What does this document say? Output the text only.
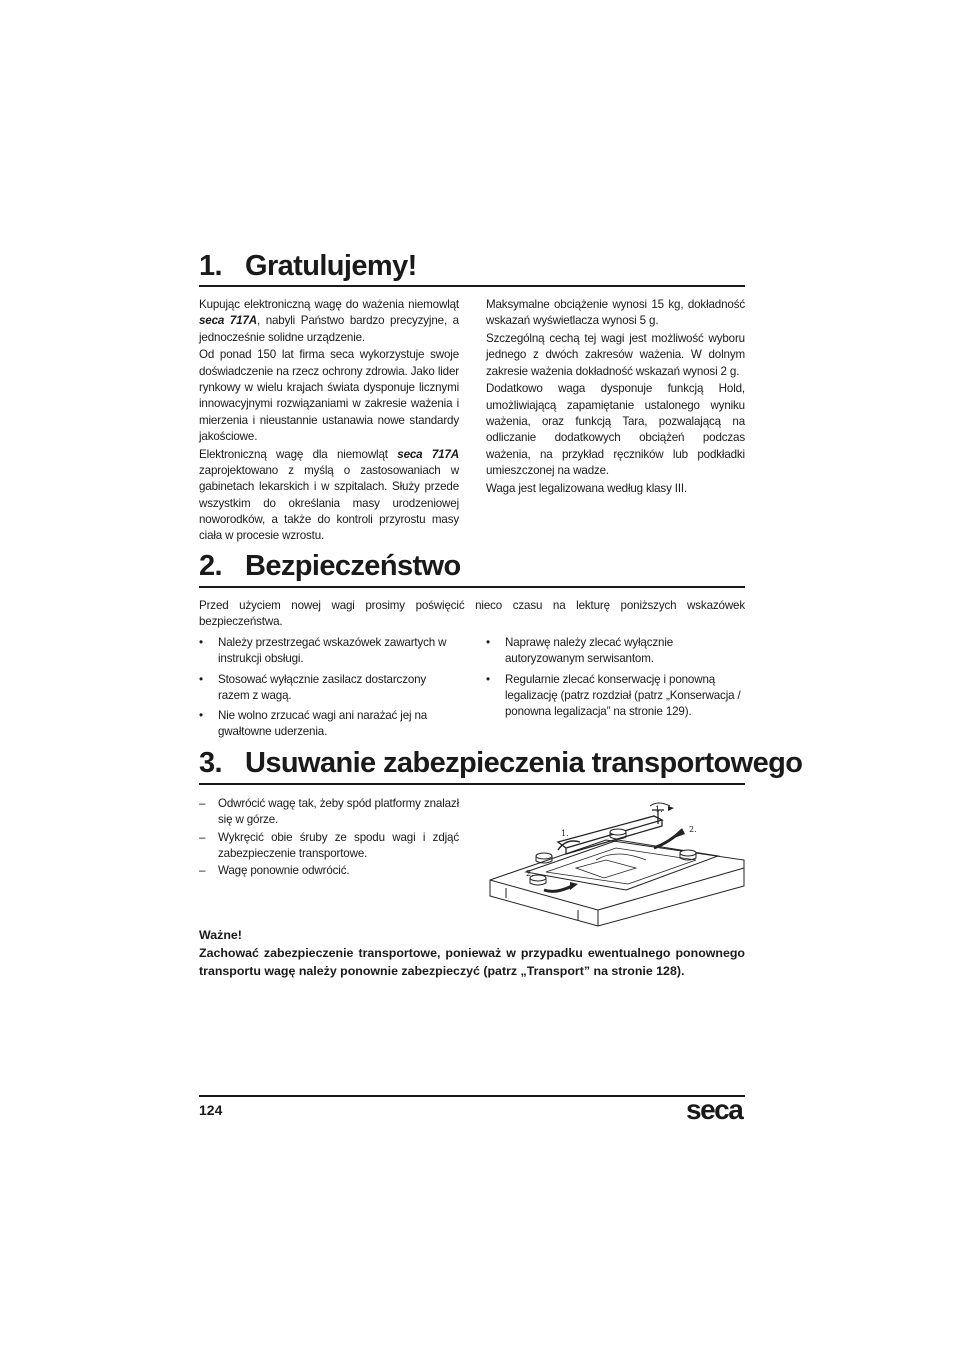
1. Gratulujemy!

Kupując elektroniczną wagę do ważenia niemowląt seca 717A, nabyli Państwo bardzo precyzyjne, a jednocześnie solidne urządzenie.

Od ponad 150 lat firma seca wykorzystuje swoje doświadczenie na rzecz ochrony zdrowia. Jako lider rynkowy w wielu krajach świata dysponuje licznymi innowacyjnymi rozwiązaniami w zakresie ważenia i mierzenia i nieustannie ustanawia nowe standardy jakościowe.

Elektroniczną wagę dla niemowląt seca 717A zaprojektowano z myślą o zastosowaniach w gabinetach lekarskich i w szpitalach. Służy przede wszystkim do określania masy urodzeniowej noworodków, a także do kontroli przyrostu masy ciała w procesie wzrostu.

Maksymalne obciążenie wynosi 15 kg, dokładność wskazań wyświetlacza wynosi 5 g.

Szczególną cechą tej wagi jest możliwość wyboru jednego z dwóch zakresów ważenia. W dolnym zakresie ważenia dokładność wskazań wynosi 2 g.

Dodatkowo waga dysponuje funkcją Hold, umożliwiającą zapamiętanie ustalonego wyniku ważenia, oraz funkcją Tara, pozwalającą na odliczanie dodatkowych obciążeń podczas ważenia, na przykład ręczników lub podkładki umieszczonej na wadze.

Waga jest legalizowana według klasy III.

2. Bezpieczeństwo

Przed użyciem nowej wagi prosimy poświęcić nieco czasu na lekturę poniższych wskazówek bezpieczeństwa.

• Należy przestrzegać wskazówek zawartych w instrukcji obsługi.
• Stosować wyłącznie zasilacz dostarczony razem z wagą.
• Nie wolno zrzucać wagi ani narażać jej na gwałtowne uderzenia.
• Naprawę należy zlecać wyłącznie autoryzowanym serwisantom.
• Regularnie zlecać konserwację i ponowną legalizację (patrz rozdział (patrz „Konserwacja / ponowna legalizacja” na stronie 129).
3. Usuwanie zabezpieczenia transportowego
– Odwrócić wagę tak, żeby spód platformy znalazł się w górze.
– Wykręcić obie śruby ze spodu wagi i zdjąć zabezpieczenie transportowe.
– Wagę ponownie odwrócić.
1.
2.
1.
2.
Ważne!
Zachować zabezpieczenie transportowe, ponieważ w przypadku ewentualnego ponownego transportu wagę należy ponownie zabezpieczyć (patrz „Transport” na stronie 128).
124	seca
